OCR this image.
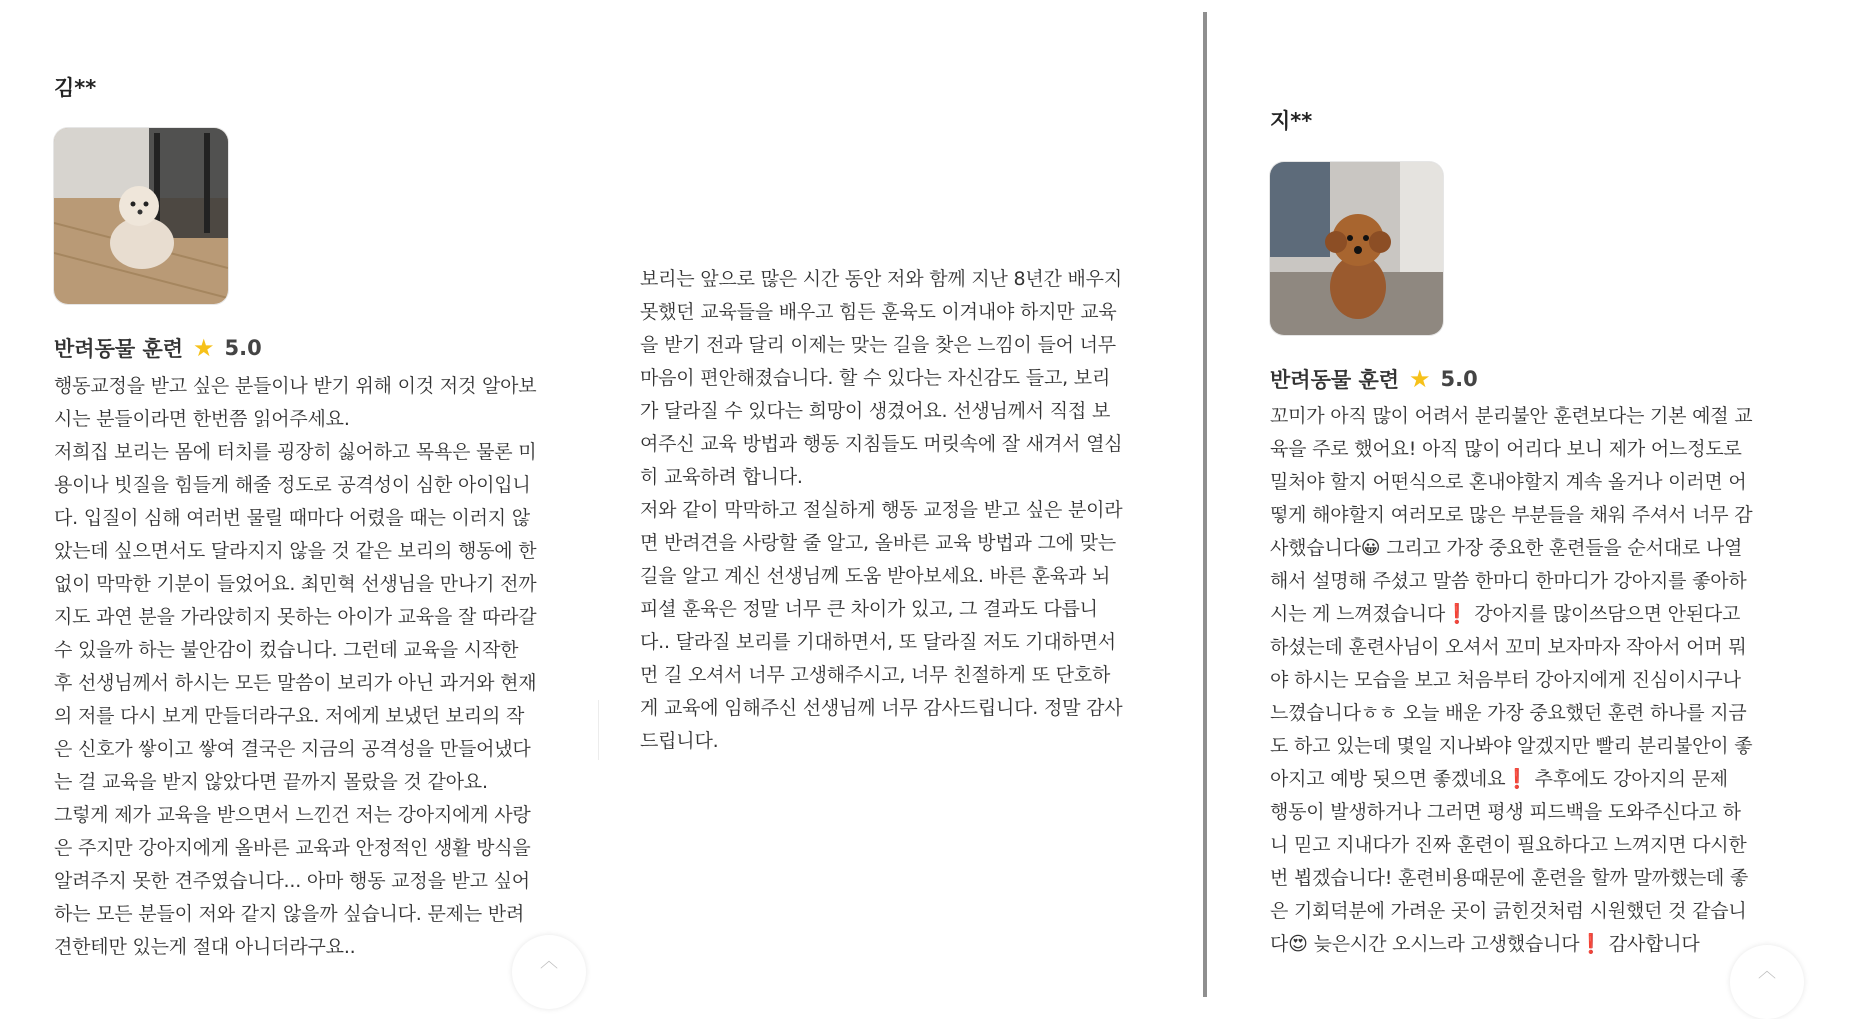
김**
반려동물 훈련 ★ 5.0
행동교정을 받고 싶은 분들이나 받기 위해 이것 저것 알아보
시는 분들이라면 한번쯤 읽어주세요.
저희집 보리는 몸에 터치를 굉장히 싫어하고 목욕은 물론 미
용이나 빗질을 힘들게 해줄 정도로 공격성이 심한 아이입니
다. 입질이 심해 여러번 물릴 때마다 어렸을 때는 이러지 않
았는데 싶으면서도 달라지지 않을 것 같은 보리의 행동에 한
없이 막막한 기분이 들었어요. 최민혁 선생님을 만나기 전까
지도 과연 분을 가라앉히지 못하는 아이가 교육을 잘 따라갈
수 있을까 하는 불안감이 컸습니다. 그런데 교육을 시작한
후 선생님께서 하시는 모든 말씀이 보리가 아닌 과거와 현재
의 저를 다시 보게 만들더라구요. 저에게 보냈던 보리의 작
은 신호가 쌓이고 쌓여 결국은 지금의 공격성을 만들어냈다
는 걸 교육을 받지 않았다면 끝까지 몰랐을 것 같아요.
그렇게 제가 교육을 받으면서 느낀건 저는 강아지에게 사랑
은 주지만 강아지에게 올바른 교육과 안정적인 생활 방식을
알려주지 못한 견주였습니다... 아마 행동 교정을 받고 싶어
하는 모든 분들이 저와 같지 않을까 싶습니다. 문제는 반려
견한테만 있는게 절대 아니더라구요..
보리는 앞으로 많은 시간 동안 저와 함께 지난 8년간 배우지
못했던 교육들을 배우고 힘든 훈육도 이겨내야 하지만 교육
을 받기 전과 달리 이제는 맞는 길을 찾은 느낌이 들어 너무
마음이 편안해졌습니다. 할 수 있다는 자신감도 들고, 보리
가 달라질 수 있다는 희망이 생겼어요. 선생님께서 직접 보
여주신 교육 방법과 행동 지침들도 머릿속에 잘 새겨서 열심
히 교육하려 합니다.
저와 같이 막막하고 절실하게 행동 교정을 받고 싶은 분이라
면 반려견을 사랑할 줄 알고, 올바른 교육 방법과 그에 맞는
길을 알고 계신 선생님께 도움 받아보세요. 바른 훈육과 뇌
피셜 훈육은 정말 너무 큰 차이가 있고, 그 결과도 다릅니
다.. 달라질 보리를 기대하면서, 또 달라질 저도 기대하면서
먼 길 오셔서 너무 고생해주시고, 너무 친절하게 또 단호하
게 교육에 임해주신 선생님께 너무 감사드립니다. 정말 감사
드립니다.
︿
지**
반려동물 훈련 ★ 5.0
꼬미가 아직 많이 어려서 분리불안 훈련보다는 기본 예절 교
육을 주로 했어요! 아직 많이 어리다 보니 제가 어느정도로
밀처야 할지 어떤식으로 혼내야할지 계속 올거나 이러면 어
떻게 해야할지 여러모로 많은 부분들을 채워 주셔서 너무 감
사했습니다😀 그리고 가장 중요한 훈련들을 순서대로 나열
해서 설명해 주셨고 말씀 한마디 한마디가 강아지를 좋아하
시는 게 느껴졌습니다❗ 강아지를 많이쓰담으면 안된다고
하셨는데 훈련사님이 오셔서 꼬미 보자마자 작아서 어머 뭐
야 하시는 모습을 보고 처음부터 강아지에게 진심이시구나
느꼈습니다ㅎㅎ 오늘 배운 가장 중요했던 훈련 하나를 지금
도 하고 있는데 몇일 지나봐야 알겠지만 빨리 분리불안이 좋
아지고 예방 됫으면 좋겠네요❗ 추후에도 강아지의 문제
행동이 발생하거나 그러면 평생 피드백을 도와주신다고 하
니 믿고 지내다가 진짜 훈련이 필요하다고 느껴지면 다시한
번 뵙겠습니다! 훈련비용때문에 훈련을 할까 말까했는데 좋
은 기회덕분에 가려운 곳이 긁힌것처럼 시원했던 것 같습니
다😍 늦은시간 오시느라 고생했습니다❗ 감사합니다
︿
